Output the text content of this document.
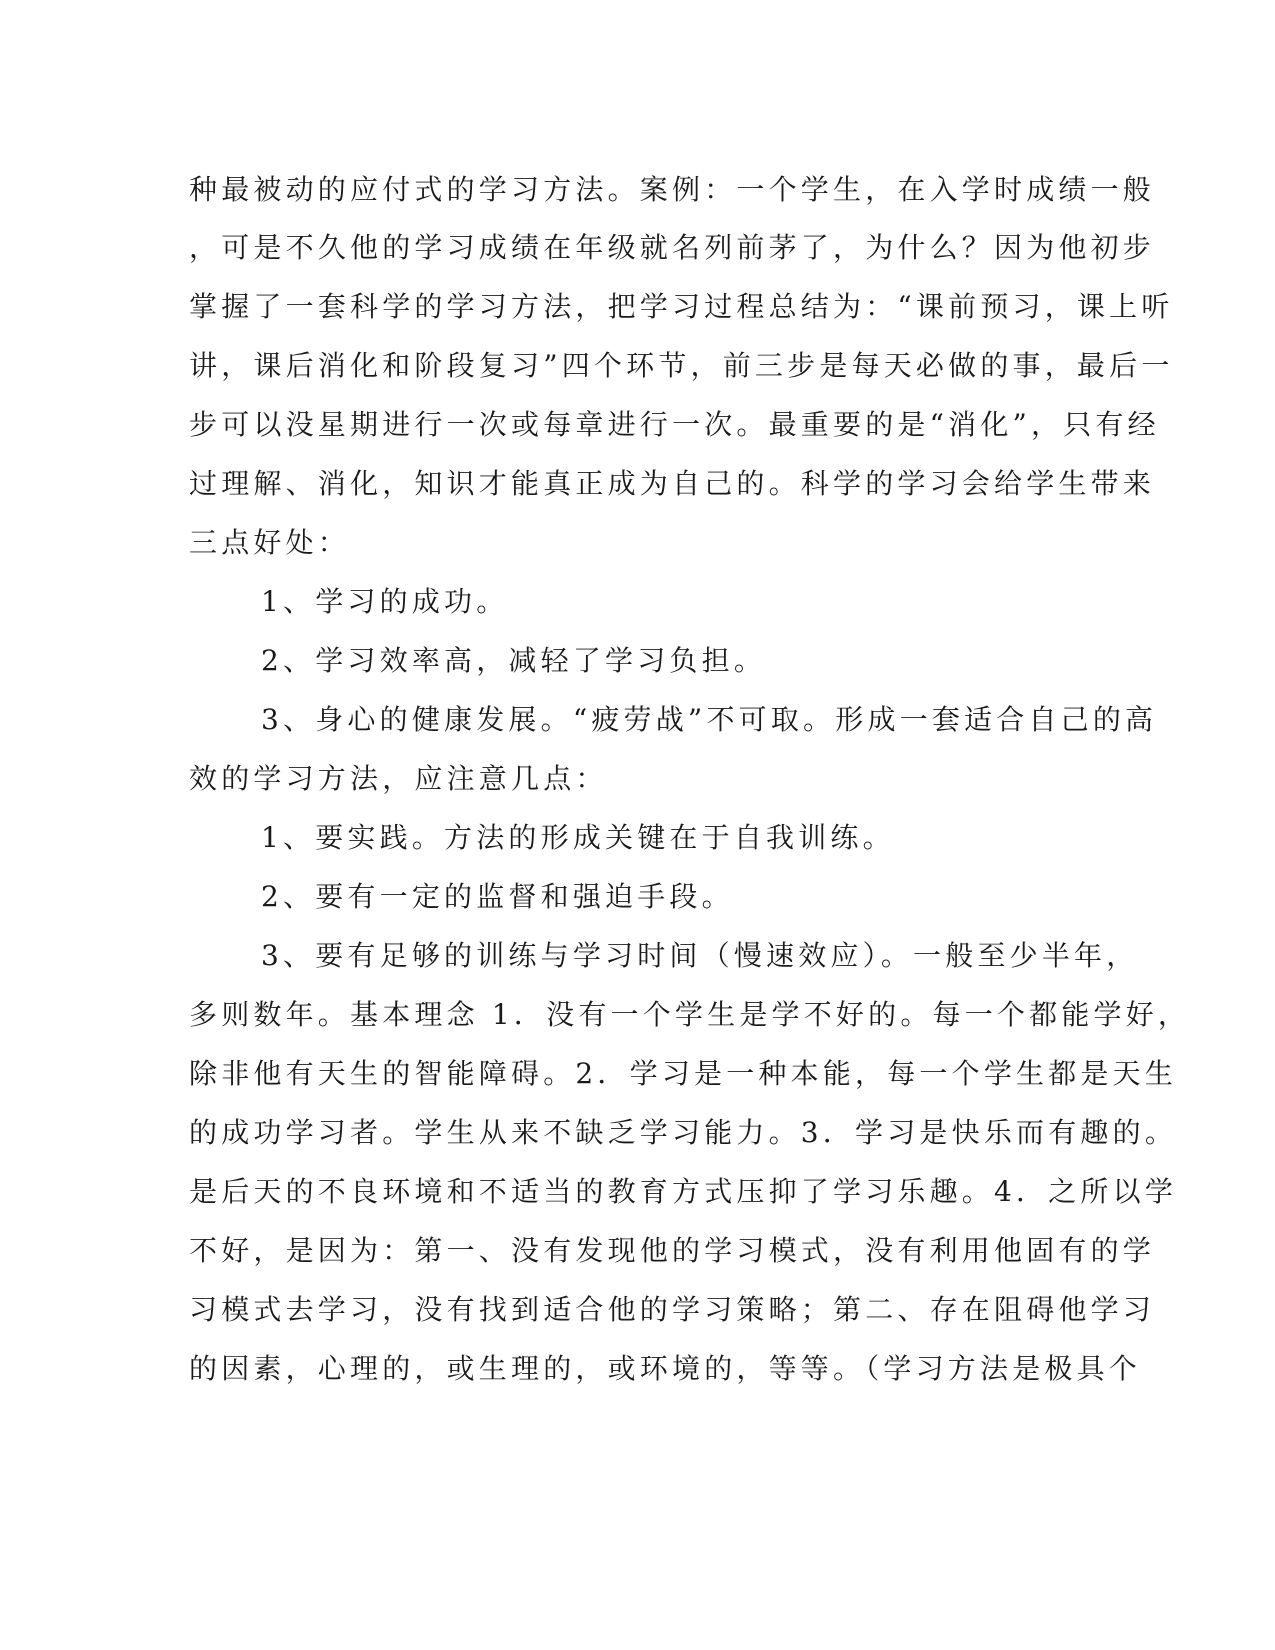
种最被动的应付式的学习方法。案例：一个学生，在入学时成绩一般
，可是不久他的学习成绩在年级就名列前茅了，为什么？因为他初步
掌握了一套科学的学习方法，把学习过程总结为：“课前预习，课上听
讲，课后消化和阶段复习”四个环节，前三步是每天必做的事，最后一
步可以没星期进行一次或每章进行一次。最重要的是“消化”，只有经
过理解、消化，知识才能真正成为自己的。科学的学习会给学生带来
三点好处：
1、学习的成功。
2、学习效率高，减轻了学习负担。
3、身心的健康发展。“疲劳战”不可取。形成一套适合自己的高
效的学习方法，应注意几点：
1、要实践。方法的形成关键在于自我训练。
2、要有一定的监督和强迫手段。
3、要有足够的训练与学习时间（慢速效应）。一般至少半年，
多则数年。基本理念 1．没有一个学生是学不好的。每一个都能学好，
除非他有天生的智能障碍。2．学习是一种本能，每一个学生都是天生
的成功学习者。学生从来不缺乏学习能力。3．学习是快乐而有趣的。
是后天的不良环境和不适当的教育方式压抑了学习乐趣。4．之所以学
不好，是因为：第一、没有发现他的学习模式，没有利用他固有的学
习模式去学习，没有找到适合他的学习策略；第二、存在阻碍他学习
的因素，心理的，或生理的，或环境的，等等。（学习方法是极具个
